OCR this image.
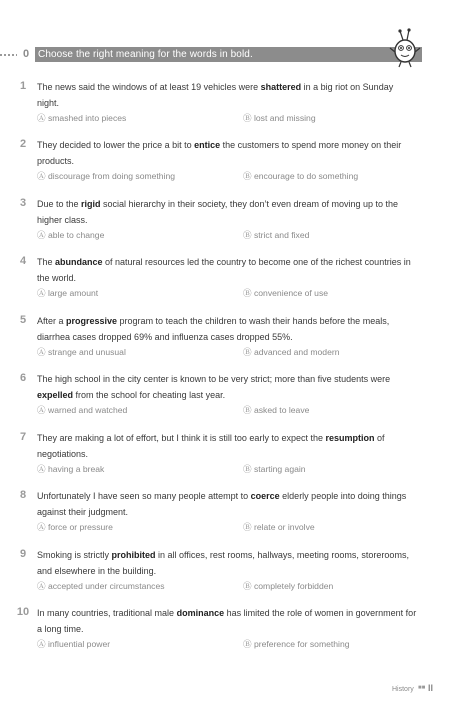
0 Choose the right meaning for the words in bold.
1	The news said the windows of at least 19 vehicles were shattered in a big riot on Sunday night.
Ⓐ smashed into pieces	Ⓑ lost and missing
2	They decided to lower the price a bit to entice the customers to spend more money on their products.
Ⓐ discourage from doing something	Ⓑ encourage to do something
3	Due to the rigid social hierarchy in their society, they don’t even dream of moving up to the higher class.
Ⓐ able to change	Ⓑ strict and fixed
4	The abundance of natural resources led the country to become one of the richest countries in the world.
Ⓐ large amount	Ⓑ convenience of use
5	After a progressive program to teach the children to wash their hands before the meals, diarrhea cases dropped 69% and influenza cases dropped 55%.
Ⓐ strange and unusual	Ⓑ advanced and modern
6	The high school in the city center is known to be very strict; more than five students were expelled from the school for cheating last year.
Ⓐ warned and watched	Ⓑ asked to leave
7	They are making a lot of effort, but I think it is still too early to expect the resumption of negotiations.
Ⓐ having a break	Ⓑ starting again
8	Unfortunately I have seen so many people attempt to coerce elderly people into doing things against their judgment.
Ⓐ force or pressure	Ⓑ relate or involve
9	Smoking is strictly prohibited in all offices, rest rooms, hallways, meeting rooms, storerooms, and elsewhere in the building.
Ⓐ accepted under circumstances	Ⓑ completely forbidden
10 In many countries, traditional male dominance has limited the role of women in government for a long time.
Ⓐ influential power	Ⓑ preference for something
History ■■ II
